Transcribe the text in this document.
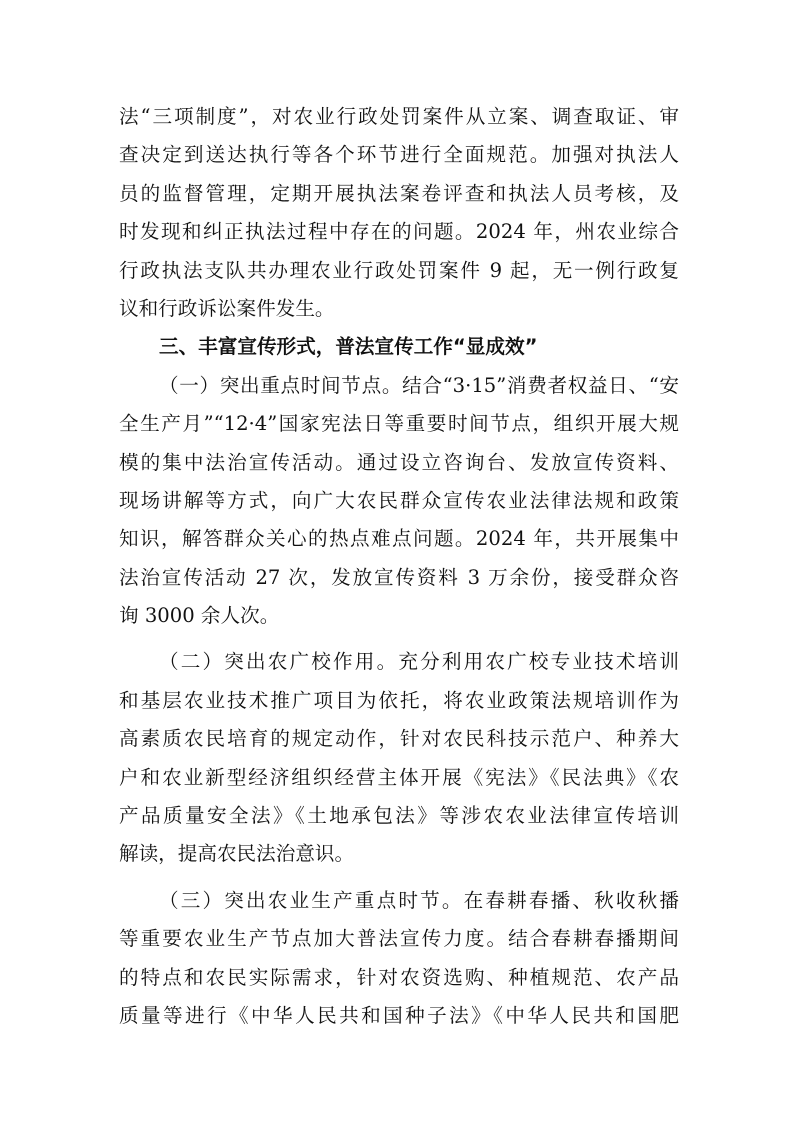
法“三项制度”，对农业行政处罚案件从立案、调查取证、审
查决定到送达执行等各个环节进行全面规范。加强对执法人
员的监督管理，定期开展执法案卷评查和执法人员考核，及
时发现和纠正执法过程中存在的问题。2024 年，州农业综合
行政执法支队共办理农业行政处罚案件 9 起，无一例行政复
议和行政诉讼案件发生。
三、丰富宣传形式，普法宣传工作“显成效”
（一）突出重点时间节点。结合“3·15”消费者权益日、“安
全生产月”“12·4”国家宪法日等重要时间节点，组织开展大规
模的集中法治宣传活动。通过设立咨询台、发放宣传资料、
现场讲解等方式，向广大农民群众宣传农业法律法规和政策
知识，解答群众关心的热点难点问题。2024 年，共开展集中
法治宣传活动 27 次，发放宣传资料 3 万余份，接受群众咨
询 3000 余人次。
（二）突出农广校作用。充分利用农广校专业技术培训
和基层农业技术推广项目为依托，将农业政策法规培训作为
高素质农民培育的规定动作，针对农民科技示范户、种养大
户和农业新型经济组织经营主体开展《宪法》《民法典》《农
产品质量安全法》《土地承包法》等涉农农业法律宣传培训
解读，提高农民法治意识。
（三）突出农业生产重点时节。在春耕春播、秋收秋播
等重要农业生产节点加大普法宣传力度。结合春耕春播期间
的特点和农民实际需求，针对农资选购、种植规范、农产品
质量等进行《中华人民共和国种子法》《中华人民共和国肥
